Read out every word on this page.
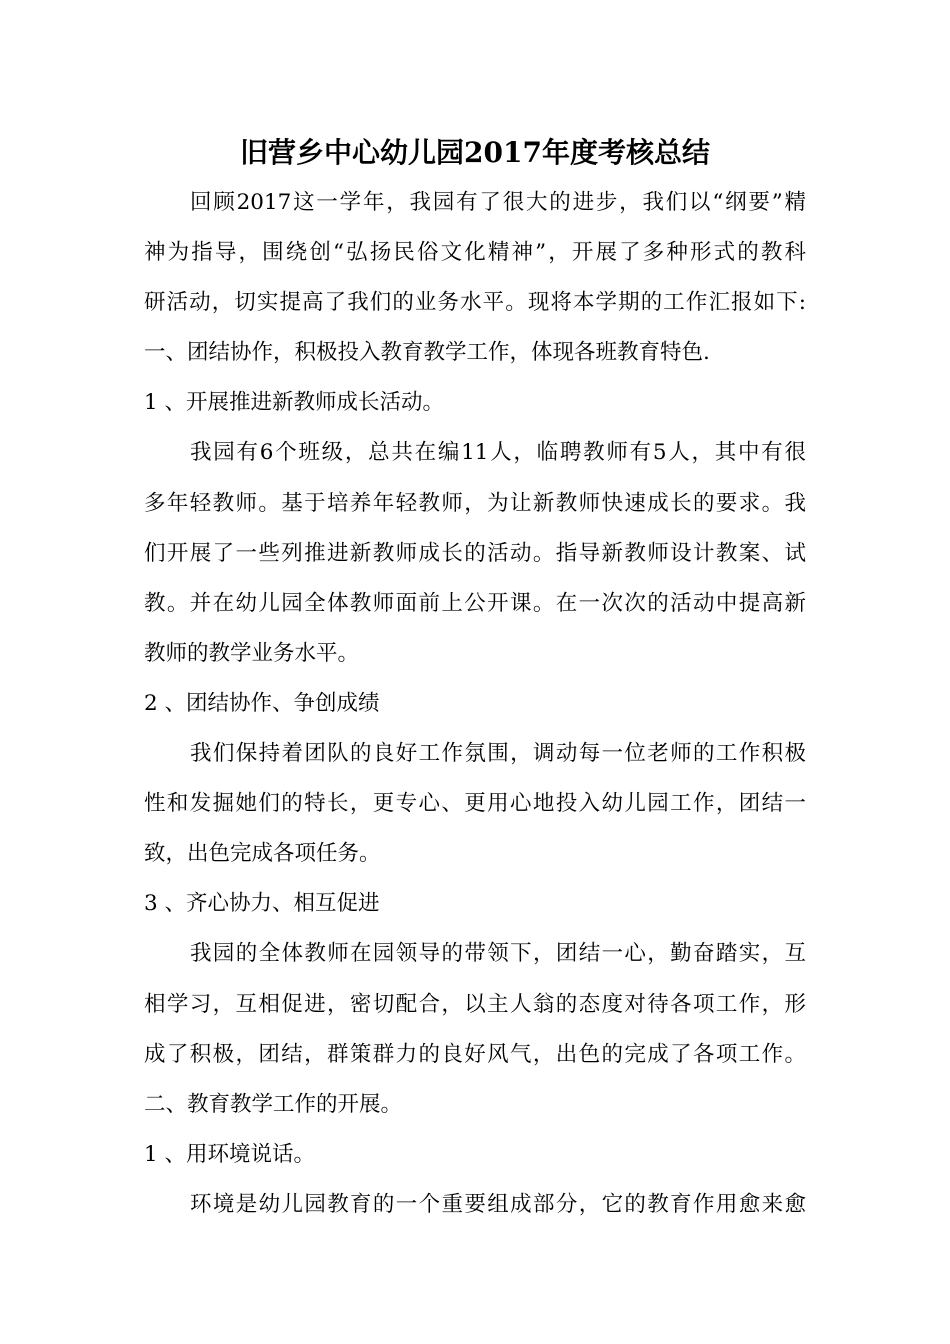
旧营乡中心幼儿园2017年度考核总结
回顾2017这一学年，我园有了很大的进步，我们以“纲要”精
神为指导，围绕创“弘扬民俗文化精神”，开展了多种形式的教科
研活动，切实提高了我们的业务水平。现将本学期的工作汇报如下:
一、团结协作，积极投入教育教学工作，体现各班教育特色.
1 、开展推进新教师成长活动。
我园有6个班级，总共在编11人，临聘教师有5人，其中有很
多年轻教师。基于培养年轻教师，为让新教师快速成长的要求。我
们开展了一些列推进新教师成长的活动。指导新教师设计教案、试
教。并在幼儿园全体教师面前上公开课。在一次次的活动中提高新
教师的教学业务水平。
2 、团结协作、争创成绩
我们保持着团队的良好工作氛围，调动每一位老师的工作积极
性和发掘她们的特长，更专心、更用心地投入幼儿园工作，团结一
致，出色完成各项任务。
3 、齐心协力、相互促进
我园的全体教师在园领导的带领下，团结一心，勤奋踏实，互
相学习，互相促进，密切配合，以主人翁的态度对待各项工作，形
成了积极，团结，群策群力的良好风气，出色的完成了各项工作。
二、教育教学工作的开展。
1 、用环境说话。
环境是幼儿园教育的一个重要组成部分，它的教育作用愈来愈
